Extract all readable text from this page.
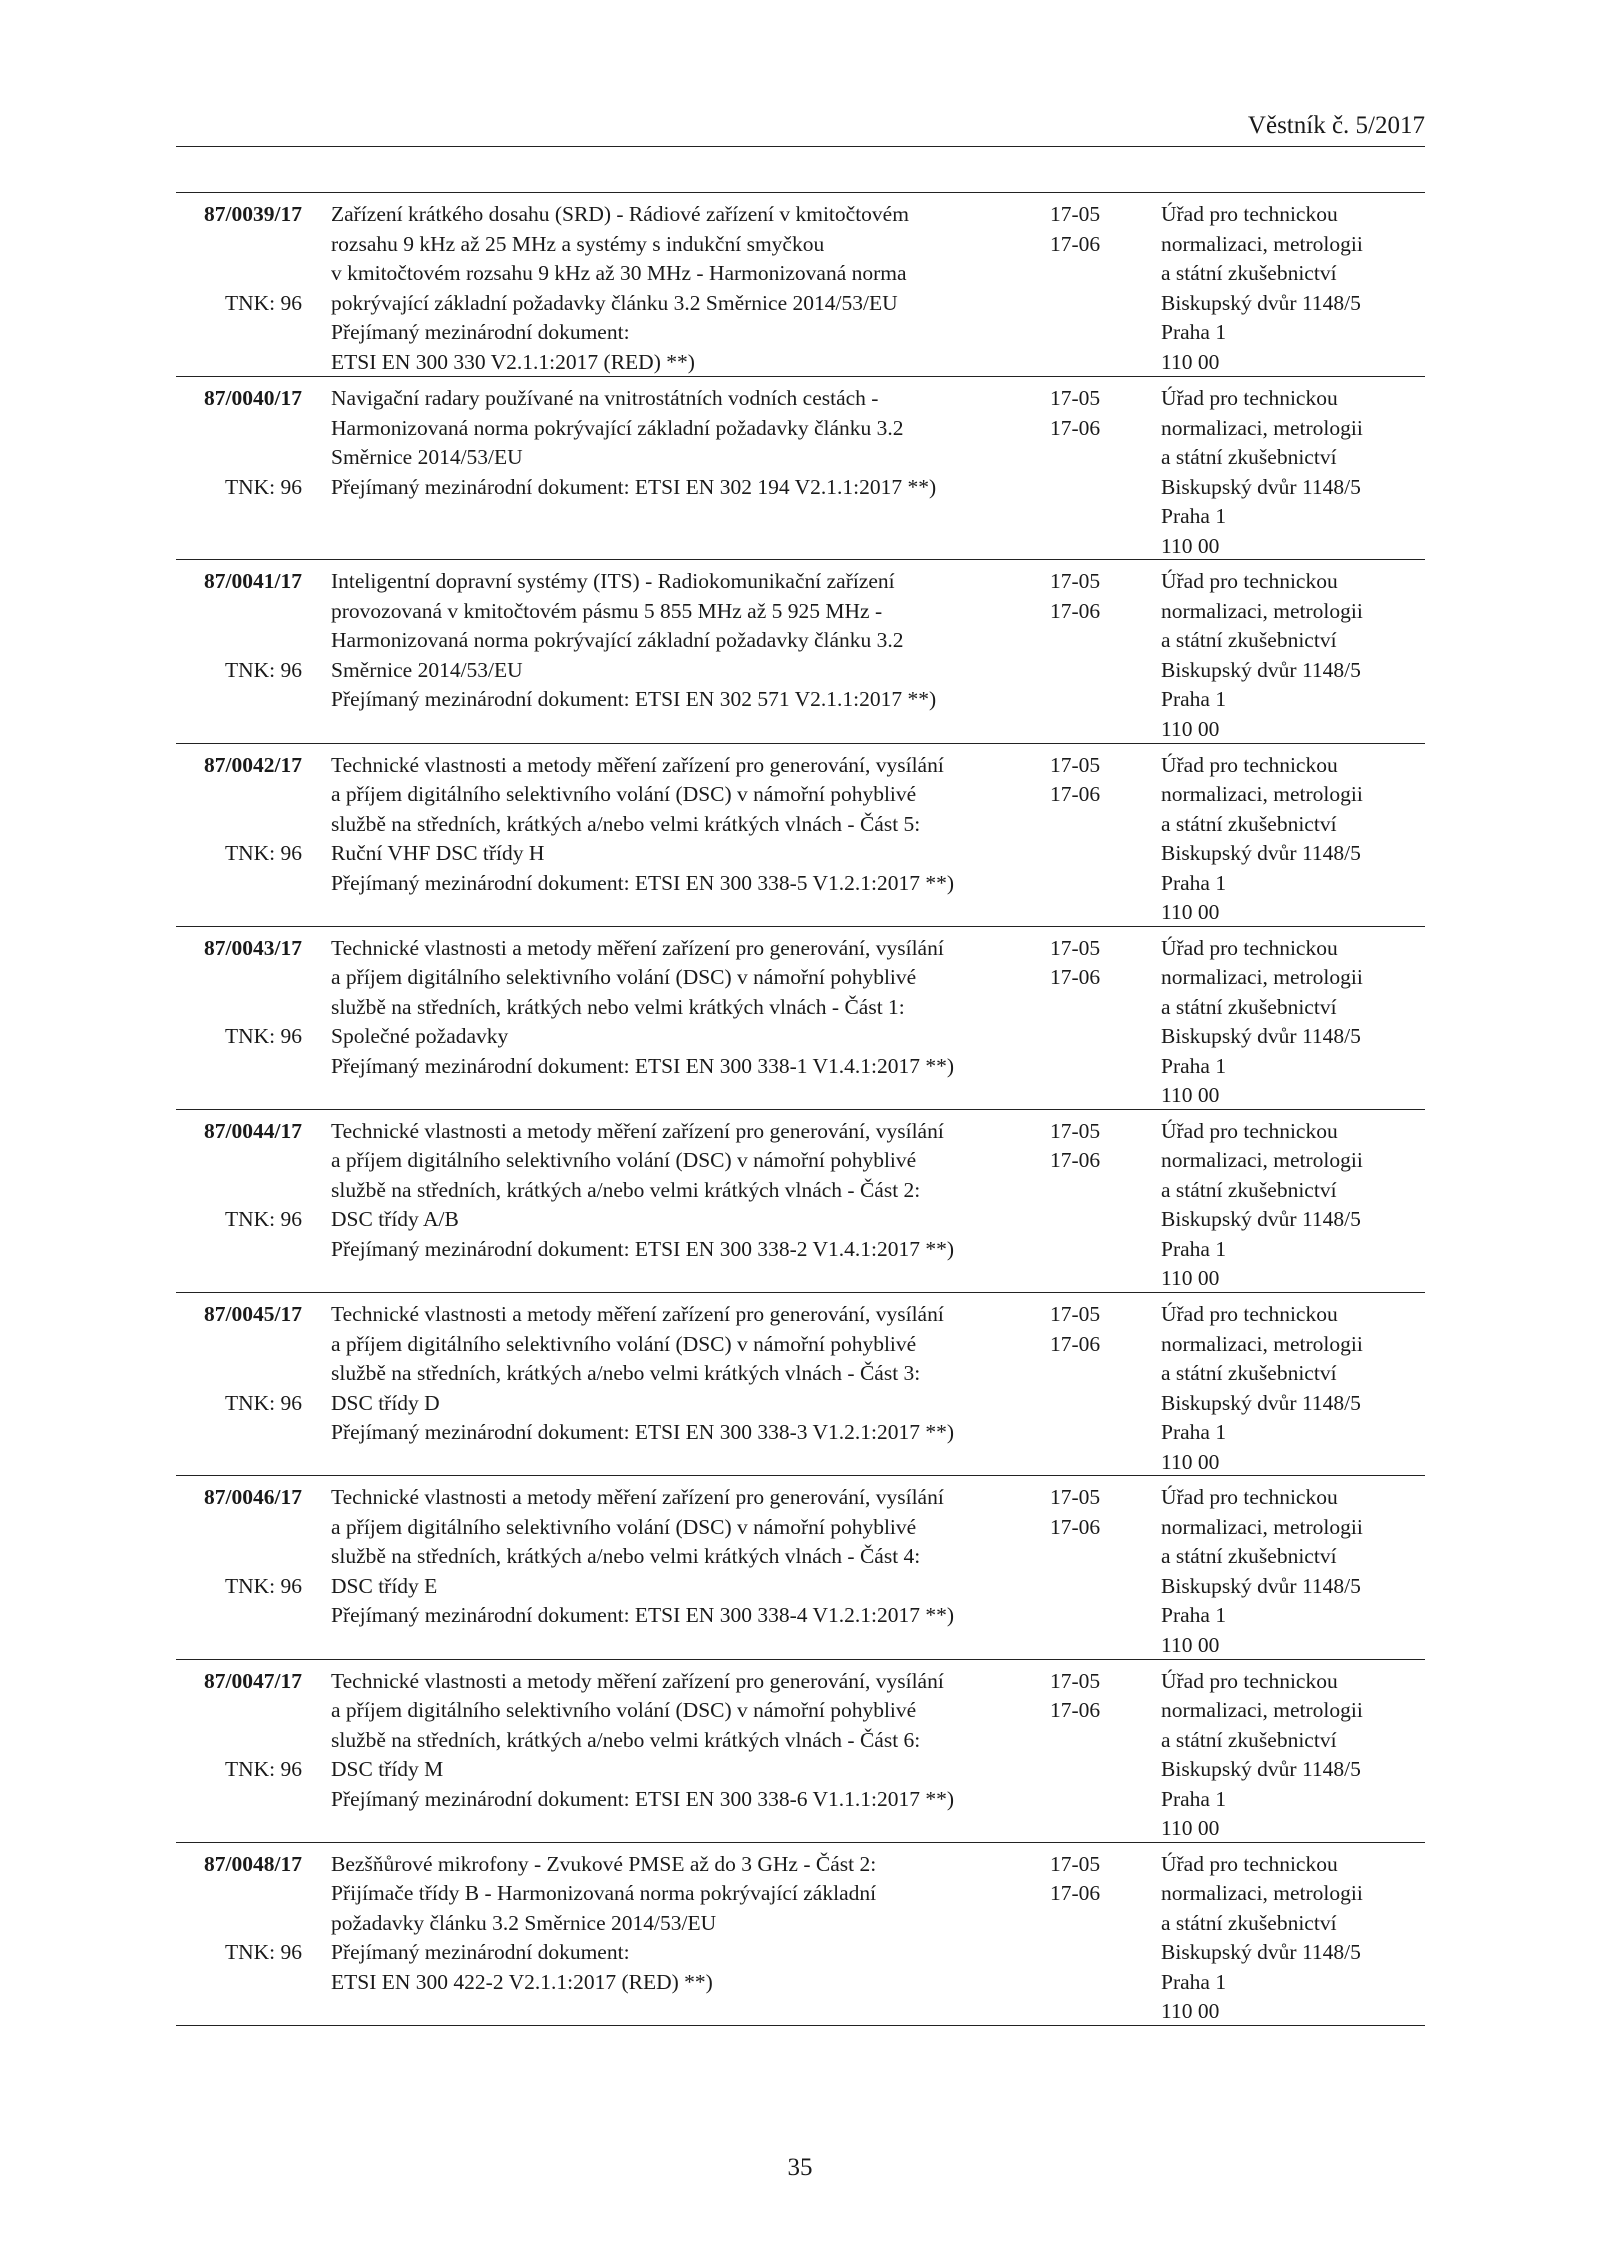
Věstník č. 5/2017
87/0039/17
TNK: 96
Zařízení krátkého dosahu (SRD) - Rádiové zařízení v kmitočtovém
rozsahu 9 kHz až 25 MHz a systémy s indukční smyčkou
v kmitočtovém rozsahu 9 kHz až 30 MHz - Harmonizovaná norma
pokrývající základní požadavky článku 3.2 Směrnice 2014/53/EU
Přejímaný mezinárodní dokument:
ETSI EN 300 330 V2.1.1:2017 (RED) **)
17-05
17-06
Úřad pro technickou
normalizaci, metrologii
a státní zkušebnictví
Biskupský dvůr 1148/5
Praha 1
110 00
87/0040/17
TNK: 96
Navigační radary používané na vnitrostátních vodních cestách -
Harmonizovaná norma pokrývající základní požadavky článku 3.2
Směrnice 2014/53/EU
Přejímaný mezinárodní dokument: ETSI EN 302 194 V2.1.1:2017 **)
17-05
17-06
Úřad pro technickou
normalizaci, metrologii
a státní zkušebnictví
Biskupský dvůr 1148/5
Praha 1
110 00
87/0041/17
TNK: 96
Inteligentní dopravní systémy (ITS) - Radiokomunikační zařízení
provozovaná v kmitočtovém pásmu 5 855 MHz až 5 925 MHz -
Harmonizovaná norma pokrývající základní požadavky článku 3.2
Směrnice 2014/53/EU
Přejímaný mezinárodní dokument: ETSI EN 302 571 V2.1.1:2017 **)
17-05
17-06
Úřad pro technickou
normalizaci, metrologii
a státní zkušebnictví
Biskupský dvůr 1148/5
Praha 1
110 00
87/0042/17
TNK: 96
Technické vlastnosti a metody měření zařízení pro generování, vysílání
a příjem digitálního selektivního volání (DSC) v námořní pohyblivé
službě na středních, krátkých a/nebo velmi krátkých vlnách - Část 5:
Ruční VHF DSC třídy H
Přejímaný mezinárodní dokument: ETSI EN 300 338-5 V1.2.1:2017 **)
17-05
17-06
Úřad pro technickou
normalizaci, metrologii
a státní zkušebnictví
Biskupský dvůr 1148/5
Praha 1
110 00
87/0043/17
TNK: 96
Technické vlastnosti a metody měření zařízení pro generování, vysílání
a příjem digitálního selektivního volání (DSC) v námořní pohyblivé
službě na středních, krátkých nebo velmi krátkých vlnách - Část 1:
Společné požadavky
Přejímaný mezinárodní dokument: ETSI EN 300 338-1 V1.4.1:2017 **)
17-05
17-06
Úřad pro technickou
normalizaci, metrologii
a státní zkušebnictví
Biskupský dvůr 1148/5
Praha 1
110 00
87/0044/17
TNK: 96
Technické vlastnosti a metody měření zařízení pro generování, vysílání
a příjem digitálního selektivního volání (DSC) v námořní pohyblivé
službě na středních, krátkých a/nebo velmi krátkých vlnách - Část 2:
DSC třídy A/B
Přejímaný mezinárodní dokument: ETSI EN 300 338-2 V1.4.1:2017 **)
17-05
17-06
Úřad pro technickou
normalizaci, metrologii
a státní zkušebnictví
Biskupský dvůr 1148/5
Praha 1
110 00
87/0045/17
TNK: 96
Technické vlastnosti a metody měření zařízení pro generování, vysílání
a příjem digitálního selektivního volání (DSC) v námořní pohyblivé
službě na středních, krátkých a/nebo velmi krátkých vlnách - Část 3:
DSC třídy D
Přejímaný mezinárodní dokument: ETSI EN 300 338-3 V1.2.1:2017 **)
17-05
17-06
Úřad pro technickou
normalizaci, metrologii
a státní zkušebnictví
Biskupský dvůr 1148/5
Praha 1
110 00
87/0046/17
TNK: 96
Technické vlastnosti a metody měření zařízení pro generování, vysílání
a příjem digitálního selektivního volání (DSC) v námořní pohyblivé
službě na středních, krátkých a/nebo velmi krátkých vlnách - Část 4:
DSC třídy E
Přejímaný mezinárodní dokument: ETSI EN 300 338-4 V1.2.1:2017 **)
17-05
17-06
Úřad pro technickou
normalizaci, metrologii
a státní zkušebnictví
Biskupský dvůr 1148/5
Praha 1
110 00
87/0047/17
TNK: 96
Technické vlastnosti a metody měření zařízení pro generování, vysílání
a příjem digitálního selektivního volání (DSC) v námořní pohyblivé
službě na středních, krátkých a/nebo velmi krátkých vlnách - Část 6:
DSC třídy M
Přejímaný mezinárodní dokument: ETSI EN 300 338-6 V1.1.1:2017 **)
17-05
17-06
Úřad pro technickou
normalizaci, metrologii
a státní zkušebnictví
Biskupský dvůr 1148/5
Praha 1
110 00
87/0048/17
TNK: 96
Bezšňůrové mikrofony - Zvukové PMSE až do 3 GHz - Část 2:
Přijímače třídy B - Harmonizovaná norma pokrývající základní
požadavky článku 3.2 Směrnice 2014/53/EU
Přejímaný mezinárodní dokument:
ETSI EN 300 422-2 V2.1.1:2017 (RED) **)
17-05
17-06
Úřad pro technickou
normalizaci, metrologii
a státní zkušebnictví
Biskupský dvůr 1148/5
Praha 1
110 00
35
